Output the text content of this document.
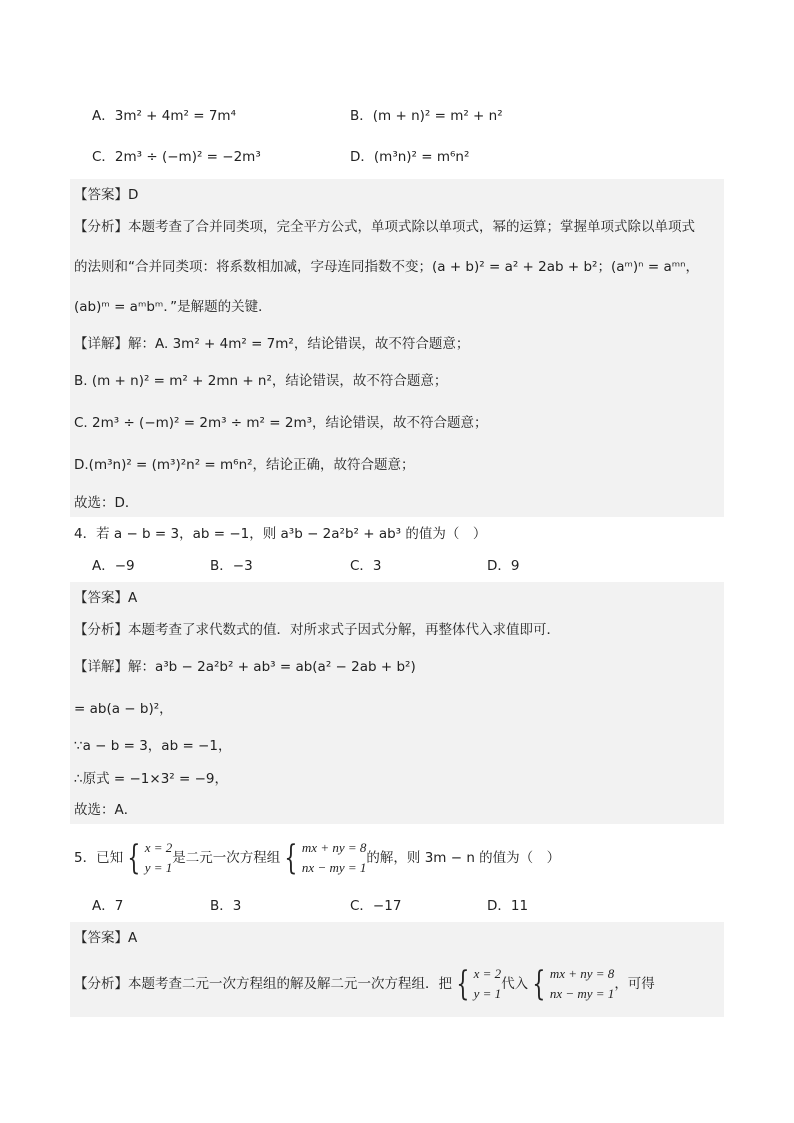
A．3m² + 4m² = 7m⁴	B．(m + n)² = m² + n²
C．2m³ ÷ (−m)² = −2m³	D．(m³n)² = m⁶n²
【答案】D
【分析】本题考查了合并同类项，完全平方公式，单项式除以单项式，幂的运算；掌握单项式除以单项式
的法则和“合并同类项：将系数相加减，字母连同指数不变；(a + b)² = a² + 2ab + b²；(aᵐ)ⁿ = aᵐⁿ，
(ab)ᵐ = aᵐbᵐ．”是解题的关键．
【详解】解：A. 3m² + 4m² = 7m²，结论错误，故不符合题意；
B. (m + n)² = m² + 2mn + n²，结论错误，故不符合题意；
C. 2m³ ÷ (−m)² = 2m³ ÷ m² = 2m³，结论错误，故不符合题意；
D.(m³n)² = (m³)²n² = m⁶n²，结论正确，故符合题意；
故选：D．
4．若 a − b = 3，ab = −1，则 a³b − 2a²b² + ab³ 的值为（　）
A．−9	B．−3	C．3	D．9
【答案】A
【分析】本题考查了求代数式的值．对所求式子因式分解，再整体代入求值即可．
【详解】解：a³b − 2a²b² + ab³ = ab(a² − 2ab + b²)
= ab(a − b)²，
∵a − b = 3，ab = −1，
∴原式 = −1×3² = −9，
故选：A．
5．已知 { x = 2
y = 1是二元一次方程组 { mx + ny = 8
nx − my = 1的解，则 3m − n 的值为（　）
A．7	B．3	C．−17	D．11
【答案】A
【分析】本题考查二元一次方程组的解及解二元一次方程组．把 { x = 2
y = 1代入 { mx + ny = 8
nx − my = 1，可得
